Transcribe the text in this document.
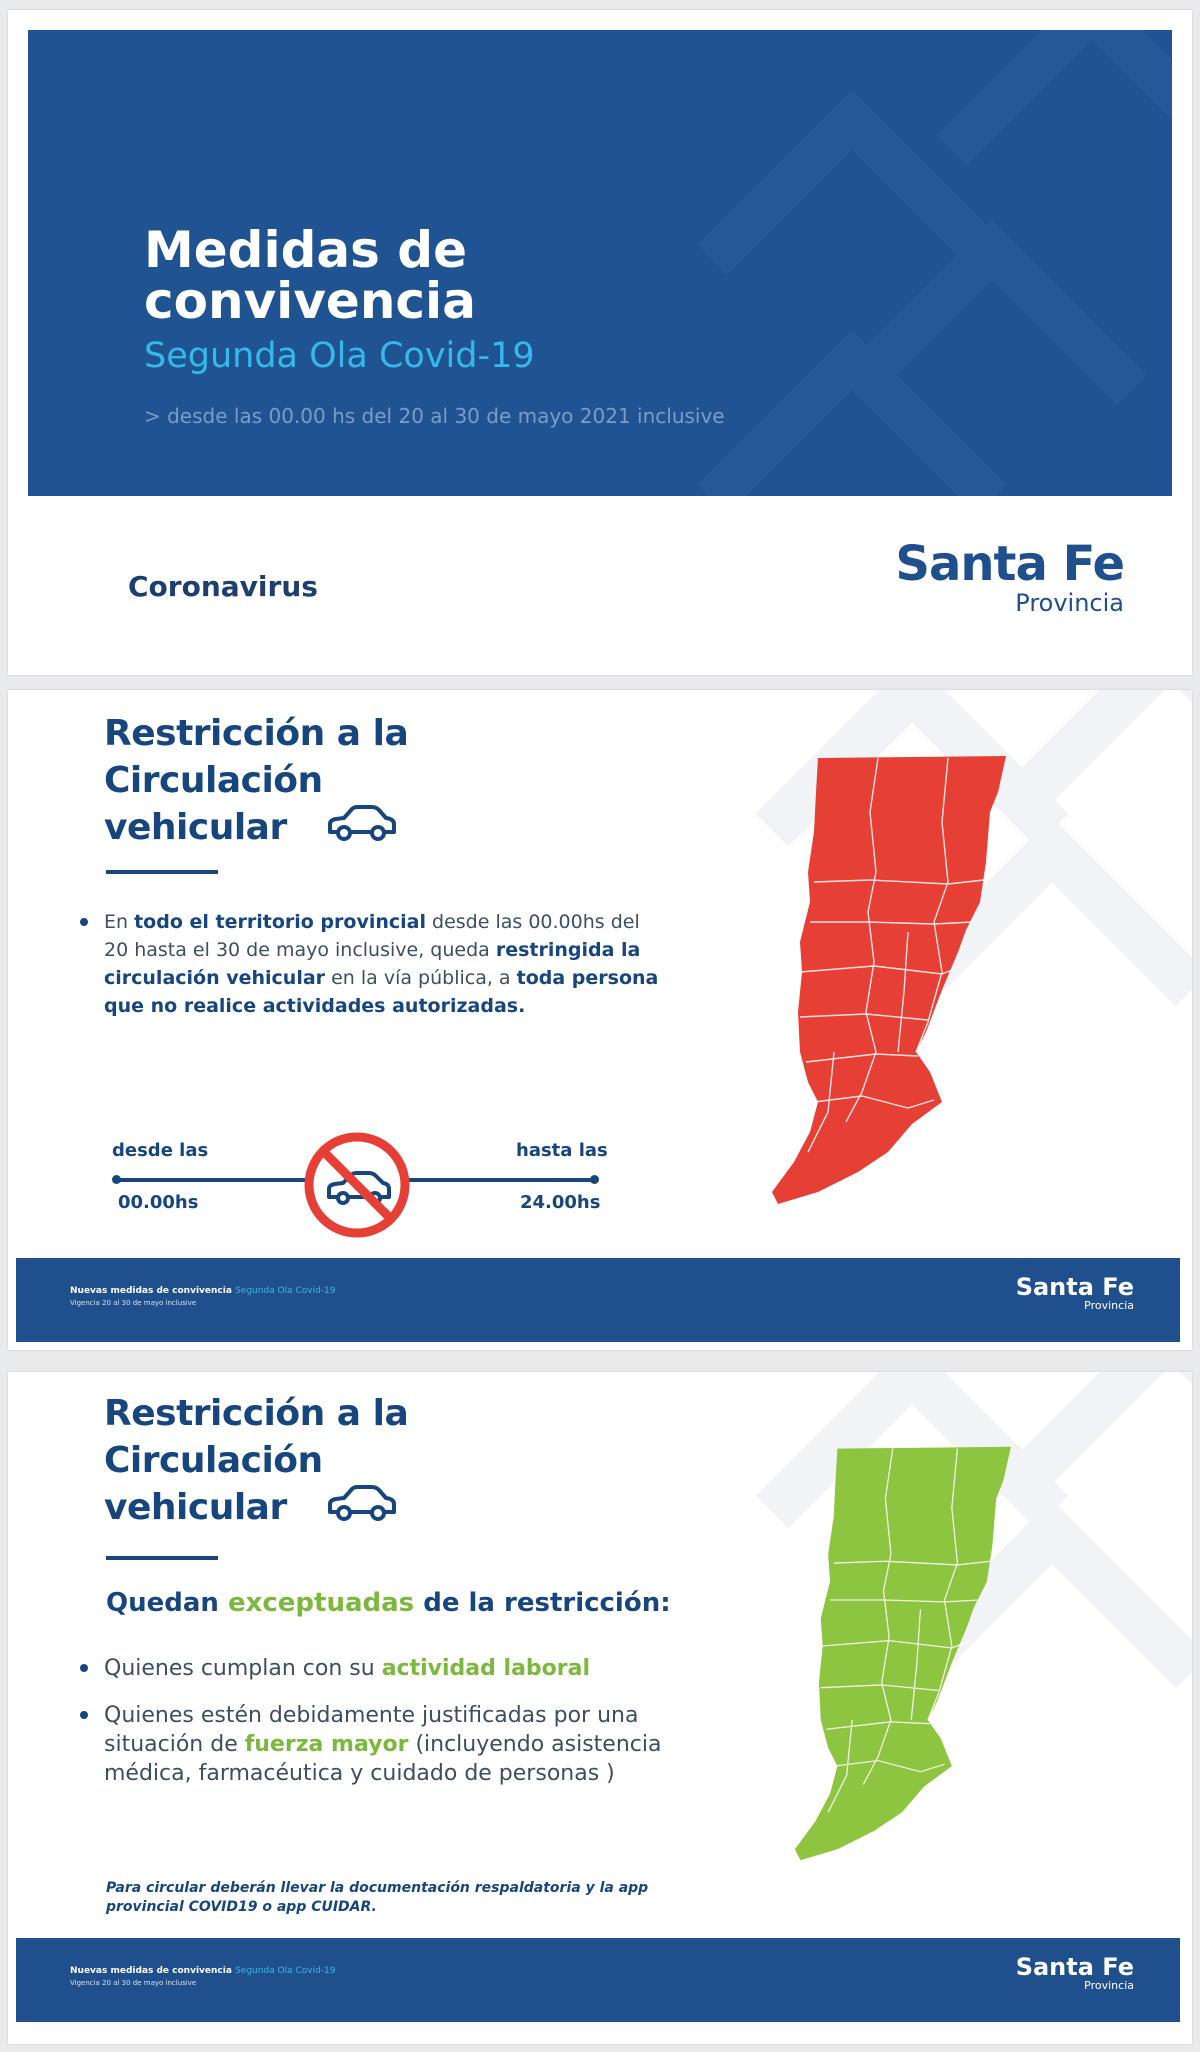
Medidas de convivencia
Segunda Ola Covid-19
> desde las 00.00 hs del 20 al 30 de mayo 2021 inclusive
Coronavirus	Santa Fe
Provincia
Restricción a la
Circulación
vehicular
En todo el territorio provincial desde las 00.00hs del 20 hasta el 30 de mayo inclusive, queda restringida la circulación vehicular en la vía pública, a toda persona que no realice actividades autorizadas.
desde las
00.00hs
hasta las
24.00hs
Nuevas medidas de convivencia Segunda Ola Covid-19
Vigencia 20 al 30 de mayo inclusive
Santa Fe
Provincia
Restricción a la
Circulación
vehicular
Quedan exceptuadas de la restricción:
Quienes cumplan con su actividad laboral
Quienes estén debidamente justificadas por una situación de fuerza mayor (incluyendo asistencia médica, farmacéutica y cuidado de personas )
Para circular deberán llevar la documentación respaldatoria y la app provincial COVID19 o app CUIDAR.
Nuevas medidas de convivencia Segunda Ola Covid-19
Vigencia 20 al 30 de mayo inclusive
Santa Fe
Provincia
